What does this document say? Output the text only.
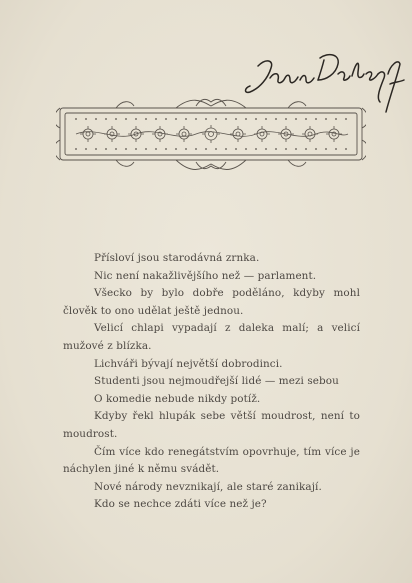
Přísloví jsou starodávná zrnka.

Nic není nakažlivějšího než — parlament.

Všecko by bylo dobře poděláno, kdyby mohl člověk to ono udělat ještě jednou.

Velicí chlapi vypadají z daleka malí; a velicí mužové z blízka.

Lichváři bývají největší dobrodinci.

Studenti jsou nejmoudřejší lidé — mezi sebou

O komedie nebude nikdy potíž.

Kdyby řekl hlupák sebe větší moudrost, není to moudrost.

Čím více kdo renegátstvím opovrhuje, tím více je náchylen jiné k němu svádět.

Nové národy nevznikají, ale staré zanikají.

Kdo se nechce zdáti více než je?
